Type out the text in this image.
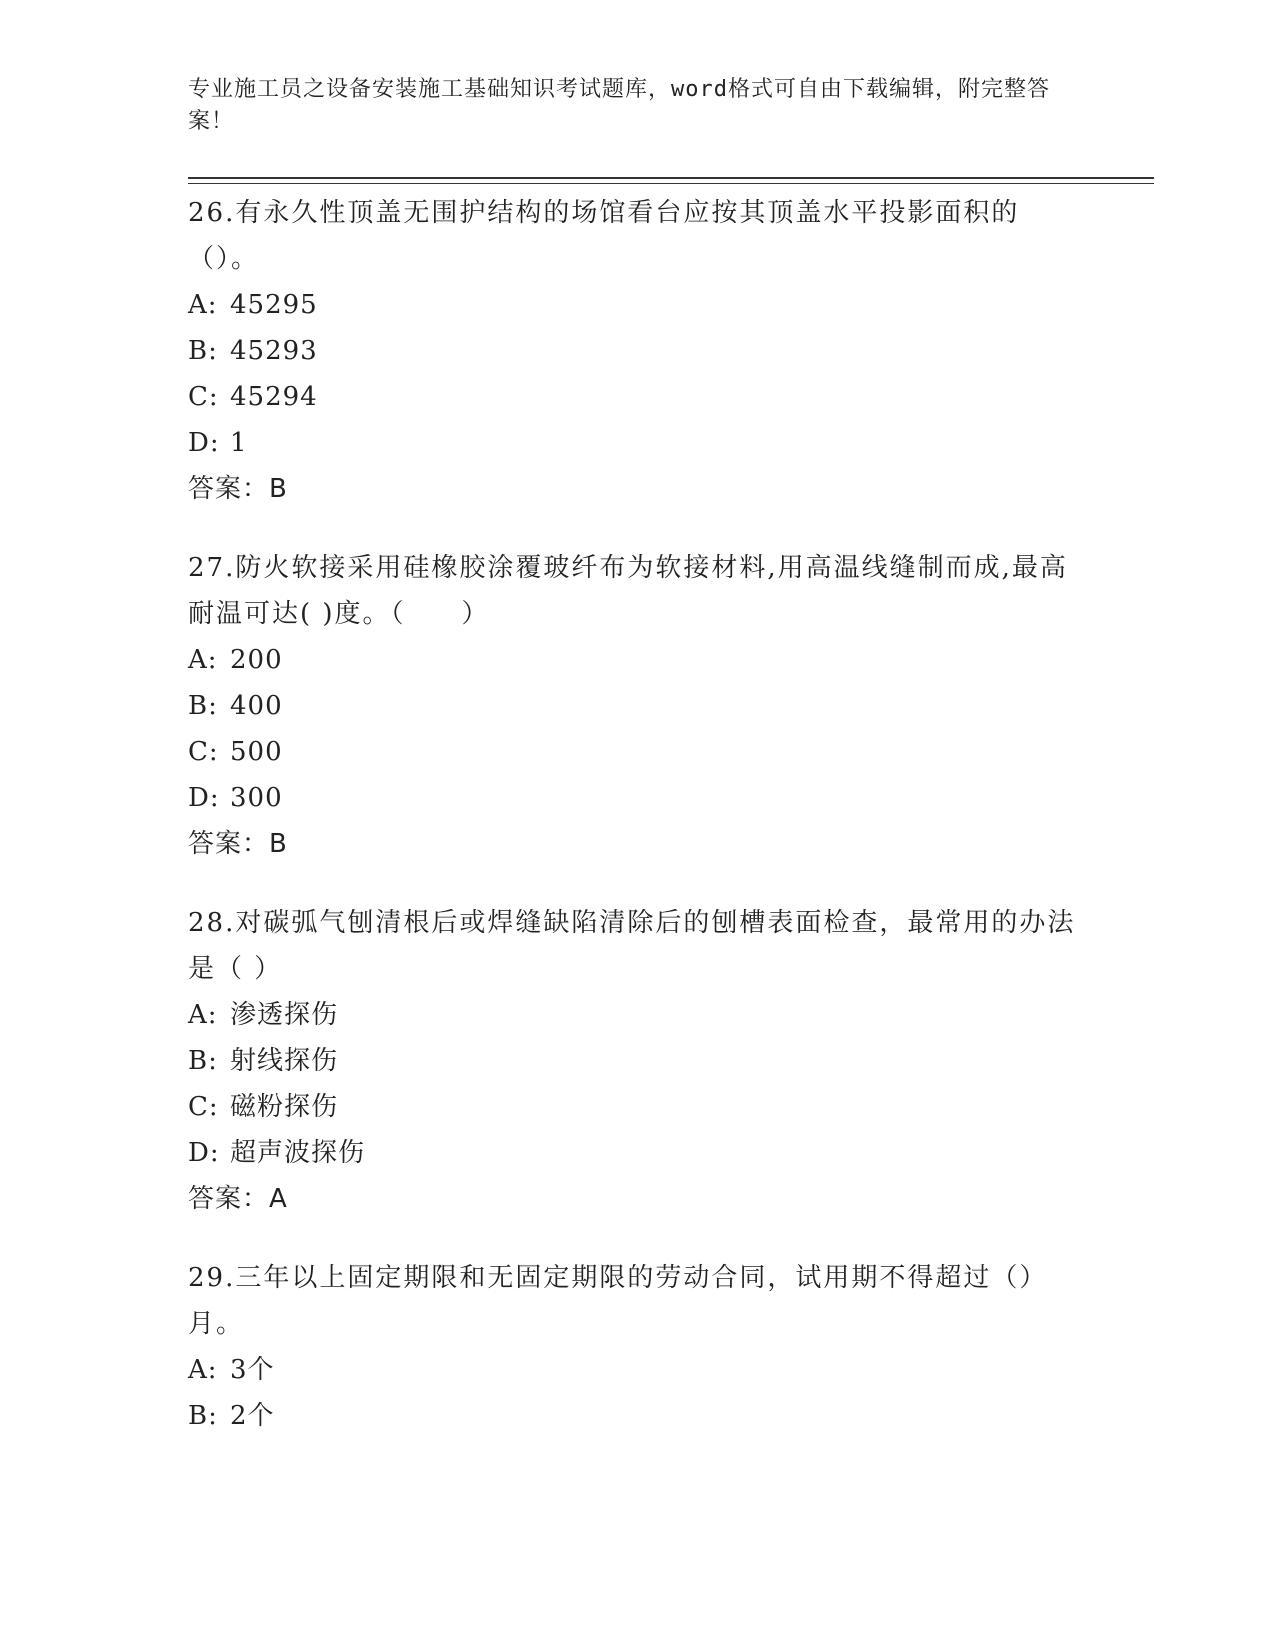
专业施工员之设备安装施工基础知识考试题库，word格式可自由下载编辑，附完整答案！

26.有永久性顶盖无围护结构的场馆看台应按其顶盖水平投影面积的（）。

A: 45295
B: 45293
C: 45294
D: 1
答案：B

27.防火软接采用硅橡胶涂覆玻纤布为软接材料,用高温线缝制而成,最高耐温可达( )度。（　　）

A: 200
B: 400
C: 500
D: 300
答案：B

28.对碳弧气刨清根后或焊缝缺陷清除后的刨槽表面检查，最常用的办法是（ ）

A: 渗透探伤
B: 射线探伤
C: 磁粉探伤
D: 超声波探伤
答案：A

29.三年以上固定期限和无固定期限的劳动合同，试用期不得超过（）月。

A: 3个
B: 2个
